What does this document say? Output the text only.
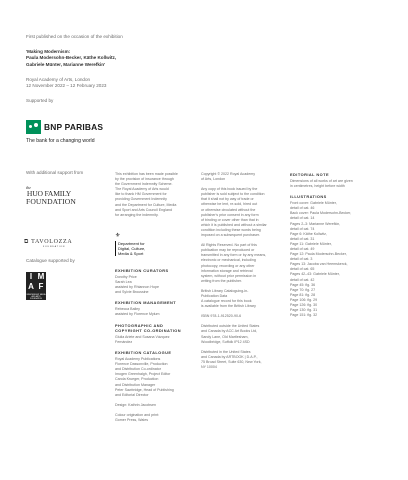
First published on the occasion of the exhibition
'Making Modernism:
Paula Modersohn-Becker, Käthe Kollwitz,
Gabriele Münter, Marianne Werefkin'
Royal Academy of Arts, London
12 November 2022 – 12 February 2023
Supported by
BNP PARIBAS
The bank for a changing world
With additional support from
the
HUO FAMILY
FOUNDATION
⧉ TAVOLOZZA
FOUNDATION
Catalogue supported by
I M
A F
INDEPENDENT MEDIA AND ARTS FOUNDATION

This exhibition has been made possible

by the provision of insurance through

the Government Indemnity Scheme.

The Royal Academy of Arts would

like to thank HM Government for

providing Government Indemnity

and the Department for Culture, Media

and Sport and Arts Council England

for arranging the indemnity.

⚜
Department for
Digital, Culture,
Media & Sport
EXHIBITION CURATORS

Dorothy Price

Sarah Lea

assisted by Rhiannon Hope

and Sylvie Broussine

EXHIBITION MANAGEMENT

Rebecca Bailey

assisted by Florence Mylum

PHOTOGRAPHIC AND
COPYRIGHT CO-ORDINATION

Giulia Ariete and Susana Vázquez

Fernández

EXHIBITION CATALOGUE

Royal Academy Publications

Florence Dassonville, Production

and Distribution Co-ordinator

Imogen Greenhalgh, Project Editor

Carola Krueger, Production

and Distribution Manager

Peter Sawbridge, Head of Publishing

and Editorial Director

Design: Kathrin Jacobsen

Colour origination and print:

Gomer Press, Wales

Copyright © 2022 Royal Academy

of Arts, London

Any copy of this book issued by the

publisher is sold subject to the condition

that it shall not by way of trade or

otherwise be lent, re-sold, hired out

or otherwise circulated without the

publisher's prior consent in any form

of binding or cover other than that in

which it is published and without a similar

condition including these words being

imposed on a subsequent purchaser.

All Rights Reserved. No part of this

publication may be reproduced or

transmitted in any form or by any means,

electronic or mechanical, including

photocopy, recording or any other

information storage and retrieval

system, without prior permission in

writing from the publisher.

British Library Cataloguing-in-

Publication Data

A catalogue record for this book

is available from the British Library

ISBN 978-1-912520-90-6

Distributed outside the United States

and Canada by ACC Art Books Ltd,

Sandy Lane, Old Martlesham,

Woodbridge, Suffolk IP12 4SD

Distributed in the United States

and Canada by ARTBOOK | D.A.P.,

75 Broad Street, Suite 630, New York,

NY 10004

EDITORIAL NOTE

Dimensions of all works of art are given

in centimetres, height before width

ILLUSTRATIONS

Front cover: Gabriele Münter,

detail of cat. 46

Back cover: Paula Modersohn-Becker,

detail of cat. 14

Pages 2–3: Marianne Werefkin,

detail of cat. 74

Page 6: Käthe Kollwitz,

detail of cat. 31

Page 11: Gabriele Münter,

detail of cat. 49

Page 12: Paula Modersohn-Becker,

detail of cat. 3

Pages 13: Jacoba van Heemskerck,

detail of cat. 65

Pages 42–43: Gabriele Münter,

detail of cat. 42

Page 45: fig. 36

Page 70: fig. 27

Page 81: fig. 28

Page 106: fig. 29

Page 126: fig. 30

Page 130: fig. 31

Page 151: fig. 32
